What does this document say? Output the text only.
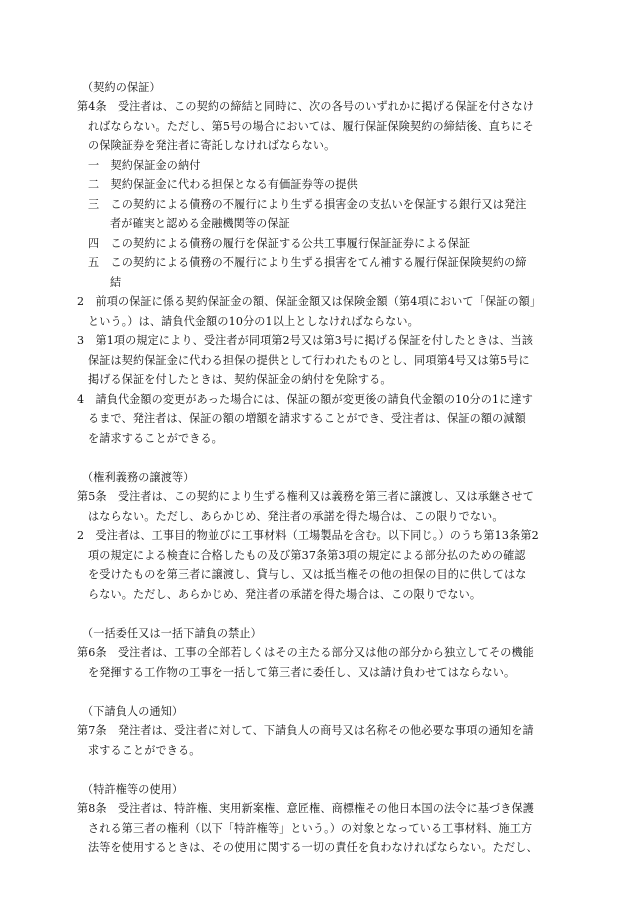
（契約の保証）
第4条　受注者は、この契約の締結と同時に、次の各号のいずれかに掲げる保証を付さなけ
ればならない。ただし、第5号の場合においては、履行保証保険契約の締結後、直ちにそ
の保険証券を発注者に寄託しなければならない。
一　契約保証金の納付
二　契約保証金に代わる担保となる有価証券等の提供
三　この契約による債務の不履行により生ずる損害金の支払いを保証する銀行又は発注
者が確実と認める金融機関等の保証
四　この契約による債務の履行を保証する公共工事履行保証証券による保証
五　この契約による債務の不履行により生ずる損害をてん補する履行保証保険契約の締
結
2　前項の保証に係る契約保証金の額、保証金額又は保険金額（第4項において「保証の額」
という。）は、請負代金額の10分の1以上としなければならない。
3　第1項の規定により、受注者が同項第2号又は第3号に掲げる保証を付したときは、当該
保証は契約保証金に代わる担保の提供として行われたものとし、同項第4号又は第5号に
掲げる保証を付したときは、契約保証金の納付を免除する。
4　請負代金額の変更があった場合には、保証の額が変更後の請負代金額の10分の1に達す
るまで、発注者は、保証の額の増額を請求することができ、受注者は、保証の額の減額
を請求することができる。
（権利義務の譲渡等）
第5条　受注者は、この契約により生ずる権利又は義務を第三者に譲渡し、又は承継させて
はならない。ただし、あらかじめ、発注者の承諾を得た場合は、この限りでない。
2　受注者は、工事目的物並びに工事材料（工場製品を含む。以下同じ。）のうち第13条第2
項の規定による検査に合格したもの及び第37条第3項の規定による部分払のための確認
を受けたものを第三者に譲渡し、貸与し、又は抵当権その他の担保の目的に供してはな
らない。ただし、あらかじめ、発注者の承諾を得た場合は、この限りでない。
（一括委任又は一括下請負の禁止）
第6条　受注者は、工事の全部若しくはその主たる部分又は他の部分から独立してその機能
を発揮する工作物の工事を一括して第三者に委任し、又は請け負わせてはならない。
（下請負人の通知）
第7条　発注者は、受注者に対して、下請負人の商号又は名称その他必要な事項の通知を請
求することができる。
（特許権等の使用）
第8条　受注者は、特許権、実用新案権、意匠権、商標権その他日本国の法令に基づき保護
される第三者の権利（以下「特許権等」という。）の対象となっている工事材料、施工方
法等を使用するときは、その使用に関する一切の責任を負わなければならない。ただし、
